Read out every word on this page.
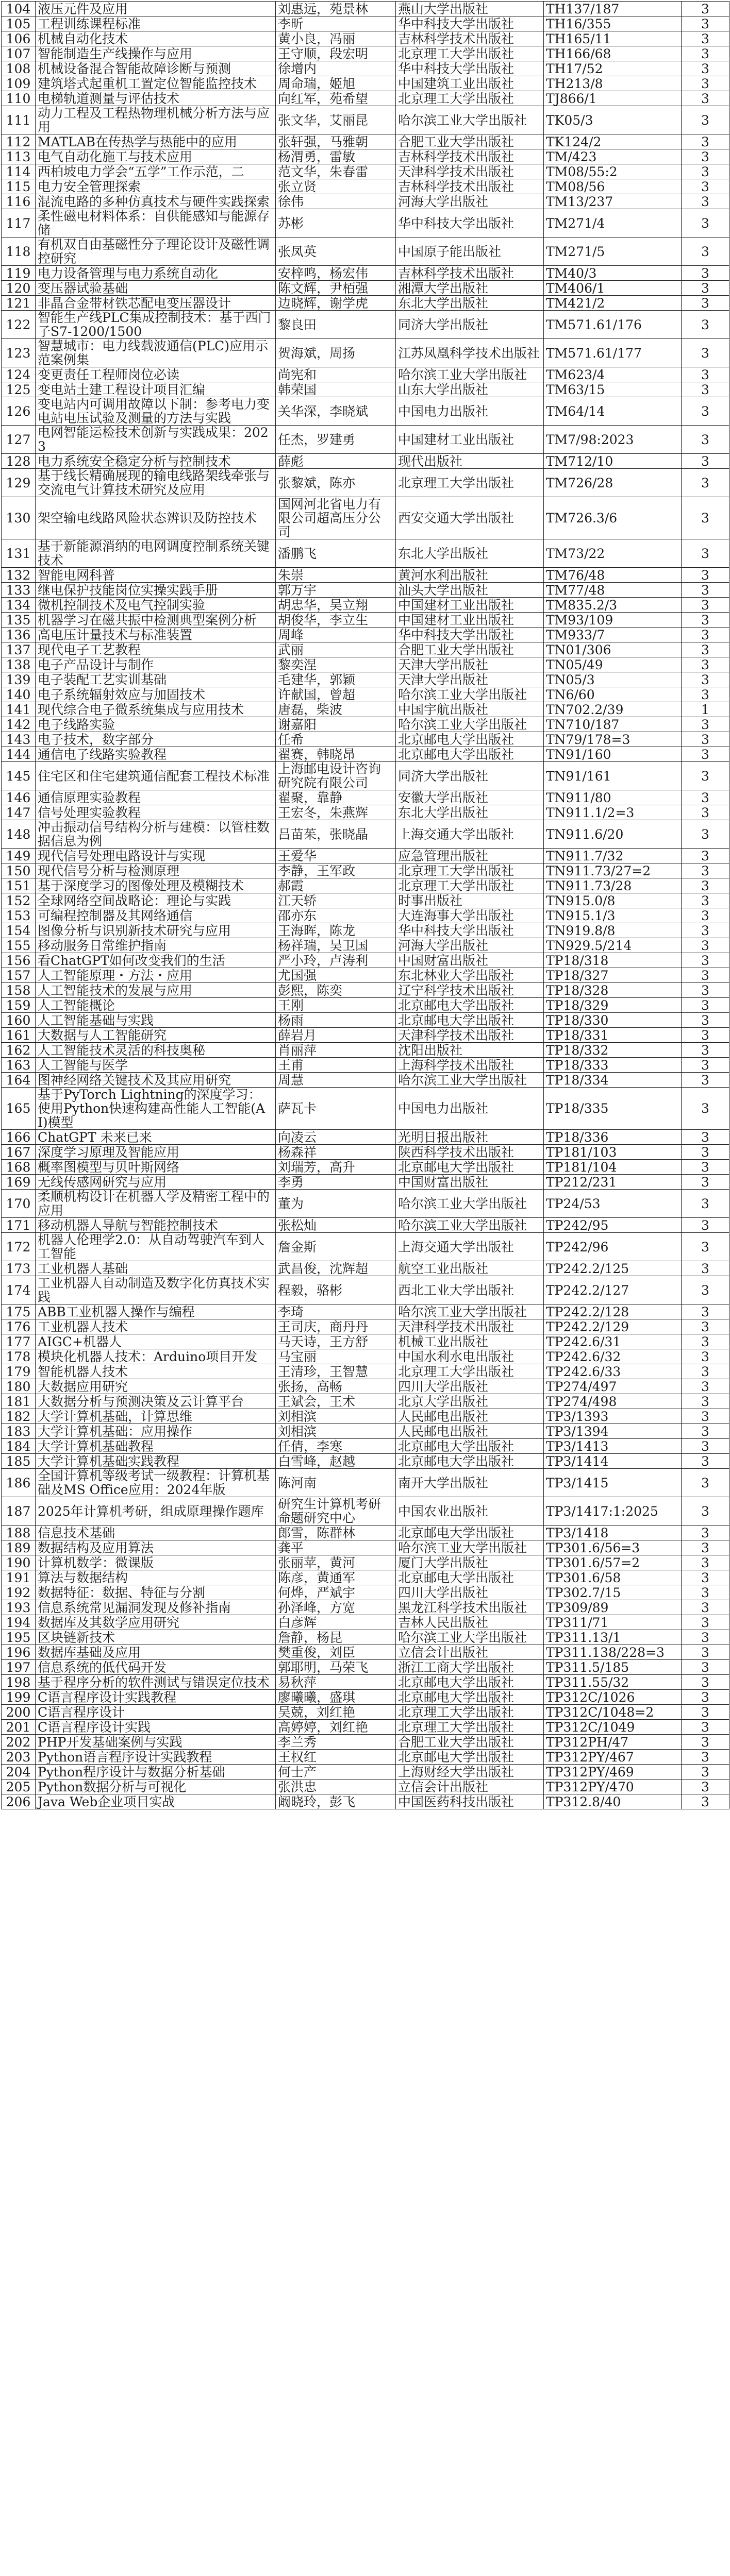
104	液压元件及应用	刘惠远，苑景林	燕山大学出版社	TH137/187	3
105	工程训练课程标准	李昕	华中科技大学出版社	TH16/355	3
106	机械自动化技术	黄小良，冯丽	吉林科学技术出版社	TH165/11	3
107	智能制造生产线操作与应用	王守顺，段宏明	北京理工大学出版社	TH166/68	3
108	机械设备混合智能故障诊断与预测	徐增内	华中科技大学出版社	TH17/52	3
109	建筑塔式起重机工置定位智能监控技术	周命瑞，姬旭	中国建筑工业出版社	TH213/8	3
110	电梯轨道测量与评估技术	向红军，苑希望	北京理工大学出版社	TJ866/1	3
111	动力工程及工程热物理机械分析方法与应用	张文华，艾丽昆	哈尔滨工业大学出版社	TK05/3	3
112	MATLAB在传热学与热能中的应用	张轩强，马雅朝	合肥工业大学出版社	TK124/2	3
113	电气自动化施工与技术应用	杨渭勇，雷敏	吉林科学技术出版社	TM/423	3
114	西柏坡电力学会“五学”工作示范，二	范文华，朱春雷	天津科学技术出版社	TM08/55:2	3
115	电力安全管理探索	张立贤	吉林科学技术出版社	TM08/56	3
116	混流电路的多种仿真技术与硬件实践探索	徐伟	河海大学出版社	TM13/237	3
117	柔性磁电材料体系：自供能感知与能源存储	苏彬	华中科技大学出版社	TM271/4	3
118	有机双自由基磁性分子理论设计及磁性调控研究	张凤英	中国原子能出版社	TM271/5	3
119	电力设备管理与电力系统自动化	安梓鸣，杨宏伟	吉林科学技术出版社	TM40/3	3
120	变压器试验基础	陈文辉，尹栢强	湘潭大学出版社	TM406/1	3
121	非晶合金带材铁芯配电变压器设计	边晓辉，谢学虎	东北大学出版社	TM421/2	3
122	智能生产线PLC集成控制技术：基于西门子S7-1200/1500	黎良田	同济大学出版社	TM571.61/176	3
123	智慧城市：电力线载波通信(PLC)应用示范案例集	贺海斌，周扬	江苏凤凰科学技术出版社	TM571.61/177	3
124	变更责任工程师岗位必读	尚宪和	哈尔滨工业大学出版社	TM623/4	3
125	变电站土建工程设计项目汇编	韩荣国	山东大学出版社	TM63/15	3
126	变电站内可调用故障以下制：参考电力变电站电压试验及测量的方法与实践	关华深，李晓斌	中国电力出版社	TM64/14	3
127	电网智能运检技术创新与实践成果：2023	任杰，罗建勇	中国建材工业出版社	TM7/98:2023	3
128	电力系统安全稳定分析与控制技术	薛彪	现代出版社	TM712/10	3
129	基于线长精确展现的输电线路架线牵张与交流电气计算技术研究及应用	张黎斌，陈亦	北京理工大学出版社	TM726/28	3
130	架空输电线路风险状态辨识及防控技术	国网河北省电力有限公司超高压分公司	西安交通大学出版社	TM726.3/6	3
131	基于新能源消纳的电网调度控制系统关键技术	潘鹏飞	东北大学出版社	TM73/22	3
132	智能电网科普	朱崇	黄河水利出版社	TM76/48	3
133	继电保护技能岗位实操实践手册	郭万宇	汕头大学出版社	TM77/48	3
134	微机控制技术及电气控制实验	胡忠华，吴立翔	中国建材工业出版社	TM835.2/3	3
135	机器学习在磁共振中检测典型案例分析	胡俊华，李立生	中国建材工业出版社	TM93/109	3
136	高电压计量技术与标准装置	周峰	华中科技大学出版社	TM933/7	3
137	现代电子工艺教程	武丽	合肥工业大学出版社	TN01/306	3
138	电子产品设计与制作	黎奕涅	天津大学出版社	TN05/49	3
139	电子装配工艺实训基础	毛建华，郭颖	天津大学出版社	TN05/3	3
140	电子系统辐射效应与加固技术	许献国，曾超	哈尔滨工业大学出版社	TN6/60	3
141	现代综合电子微系统集成与应用技术	唐磊，柴波	中国宇航出版社	TN702.2/39	1
142	电子线路实验	谢嘉阳	哈尔滨工业大学出版社	TN710/187	3
143	电子技术，数字部分	任希	北京邮电大学出版社	TN79/178=3	3
144	通信电子线路实验教程	翟赛，韩晓昂	北京邮电大学出版社	TN91/160	3
145	住宅区和住宅建筑通信配套工程技术标准	上海邮电设计咨询研究院有限公司	同济大学出版社	TN91/161	3
146	通信原理实验教程	翟聚，靠静	安徽大学出版社	TN911/80	3
147	信号处理实验教程	王宏冬，朱燕辉	东北大学出版社	TN911.1/2=3	3
148	冲击振动信号结构分析与建模：以管柱数据信息为例	吕苗茱，张晓晶	上海交通大学出版社	TN911.6/20	3
149	现代信号处理电路设计与实现	王爱华	应急管理出版社	TN911.7/32	3
150	现代信号分析与检测原理	李静，王军政	北京理工大学出版社	TN911.73/27=2	3
151	基于深度学习的图像处理及模糊技术	郝霞	北京理工大学出版社	TN911.73/28	3
152	全球网络空间战略论：理论与实践	江天轿	时事出版社	TN915.0/8	3
153	可编程控制器及其网络通信	邵亦东	大连海事大学出版社	TN915.1/3	3
154	图像分析与识别新技术研究与应用	王海晖，陈龙	华中科技大学出版社	TN919.8/8	3
155	移动服务日常维护指南	杨祥瑞，吴卫国	河海大学出版社	TN929.5/214	3
156	看ChatGPT如何改变我们的生活	严小玲，卢涛利	中国财富出版社	TP18/318	3
157	人工智能原理・方法・应用	尤国强	东北林业大学出版社	TP18/327	3
158	人工智能技术的发展与应用	彭熙，陈奕	辽宁科学技术出版社	TP18/328	3
159	人工智能概论	王刚	北京邮电大学出版社	TP18/329	3
160	人工智能基础与实践	杨雨	北京邮电大学出版社	TP18/330	3
161	大数据与人工智能研究	薛岩月	天津科学技术出版社	TP18/331	3
162	人工智能技术灵活的科技奥秘	肖丽萍	沈阳出版社	TP18/332	3
163	人工智能与医学	王甫	上海科学技术出版社	TP18/333	3
164	图神经网络关键技术及其应用研究	周慧	哈尔滨工业大学出版社	TP18/334	3
165	基于PyTorch Lightning的深度学习：使用Python快速构建高性能人工智能(AI)模型	萨瓦卡	中国电力出版社	TP18/335	3
166	ChatGPT 未来已来	向凌云	光明日报出版社	TP18/336	3
167	深度学习原理及智能应用	杨森祥	陕西科学技术出版社	TP181/103	3
168	概率图模型与贝叶斯网络	刘瑞芳，高升	北京邮电大学出版社	TP181/104	3
169	无线传感网研究与应用	李勇	中国财富出版社	TP212/231	3
170	柔顺机构设计在机器人学及精密工程中的应用	董为	哈尔滨工业大学出版社	TP24/53	3
171	移动机器人导航与智能控制技术	张松灿	哈尔滨工业大学出版社	TP242/95	3
172	机器人伦理学2.0：从自动驾驶汽车到人工智能	詹金斯	上海交通大学出版社	TP242/96	3
173	工业机器人基础	武昌俊，沈辉超	航空工业出版社	TP242.2/125	3
174	工业机器人自动制造及数字化仿真技术实践	程毅，骆彬	西北工业大学出版社	TP242.2/127	3
175	ABB工业机器人操作与编程	李琦	哈尔滨工业大学出版社	TP242.2/128	3
176	工业机器人技术	王司庆，商丹丹	天津科学技术出版社	TP242.2/129	3
177	AIGC+机器人	马天诗，王方舒	机械工业出版社	TP242.6/31	3
178	模块化机器人技术：Arduino项目开发	马宝丽	中国水利水电出版社	TP242.6/32	3
179	智能机器人技术	王清珍，王智慧	北京理工大学出版社	TP242.6/33	3
180	大数据应用研究	张扬，高畅	四川大学出版社	TP274/497	3
181	大数据分析与预测决策及云计算平台	王斌会，王术	北京大学出版社	TP274/498	3
182	大学计算机基础，计算思维	刘相滨	人民邮电出版社	TP3/1393	3
183	大学计算机基础：应用操作	刘相滨	人民邮电出版社	TP3/1394	3
184	大学计算机基础教程	任倩，李寒	北京邮电大学出版社	TP3/1413	3
185	大学计算机基础实践教程	白雪峰，赵越	北京邮电大学出版社	TP3/1414	3
186	全国计算机等级考试一级教程：计算机基础及MS Office应用：2024年版	陈河南	南开大学出版社	TP3/1415	3
187	2025年计算机考研，组成原理操作题库	研究生计算机考研命题研究中心	中国农业出版社	TP3/1417:1:2025	3
188	信息技术基础	郎雪，陈群林	北京邮电大学出版社	TP3/1418	3
189	数据结构及应用算法	龚平	哈尔滨工业大学出版社	TP301.6/56=3	3
190	计算机数学：微课版	张丽苹，黄河	厦门大学出版社	TP301.6/57=2	3
191	算法与数据结构	陈彦，黄通军	北京邮电大学出版社	TP301.6/58	3
192	数据特征：数据、特征与分割	何烨，严斌宇	四川大学出版社	TP302.7/15	3
193	信息系统常见漏洞发现及修补指南	孙泽峰，方宽	黑龙江科学技术出版社	TP309/89	3
194	数据库及其数学应用研究	白彦辉	吉林人民出版社	TP311/71	3
195	区块链新技术	詹静，杨昆	哈尔滨工业大学出版社	TP311.13/1	3
196	数据库基础及应用	樊重俊，刘臣	立信会计出版社	TP311.138/228=3	3
197	信息系统的低代码开发	郭耶明，马荣飞	浙江工商大学出版社	TP311.5/185	3
198	基于程序分析的软件测试与错误定位技术	易秋萍	北京邮电大学出版社	TP311.55/32	3
199	C语言程序设计实践教程	廖曦曦，盛琪	北京邮电大学出版社	TP312C/1026	3
200	C语言程序设计	吴兢，刘红艳	北京理工大学出版社	TP312C/1048=2	3
201	C语言程序设计实践	高婷婷，刘红艳	北京理工大学出版社	TP312C/1049	3
202	PHP开发基础案例与实践	李兰秀	合肥工业大学出版社	TP312PH/47	3
203	Python语言程序设计实践教程	王权红	北京邮电大学出版社	TP312PY/467	3
204	Python程序设计与数据分析基础	何士产	上海财经大学出版社	TP312PY/469	3
205	Python数据分析与可视化	张洪忠	立信会计出版社	TP312PY/470	3
206	Java Web企业项目实战	阚晓玲，彭飞	中国医药科技出版社	TP312.8/40	3
